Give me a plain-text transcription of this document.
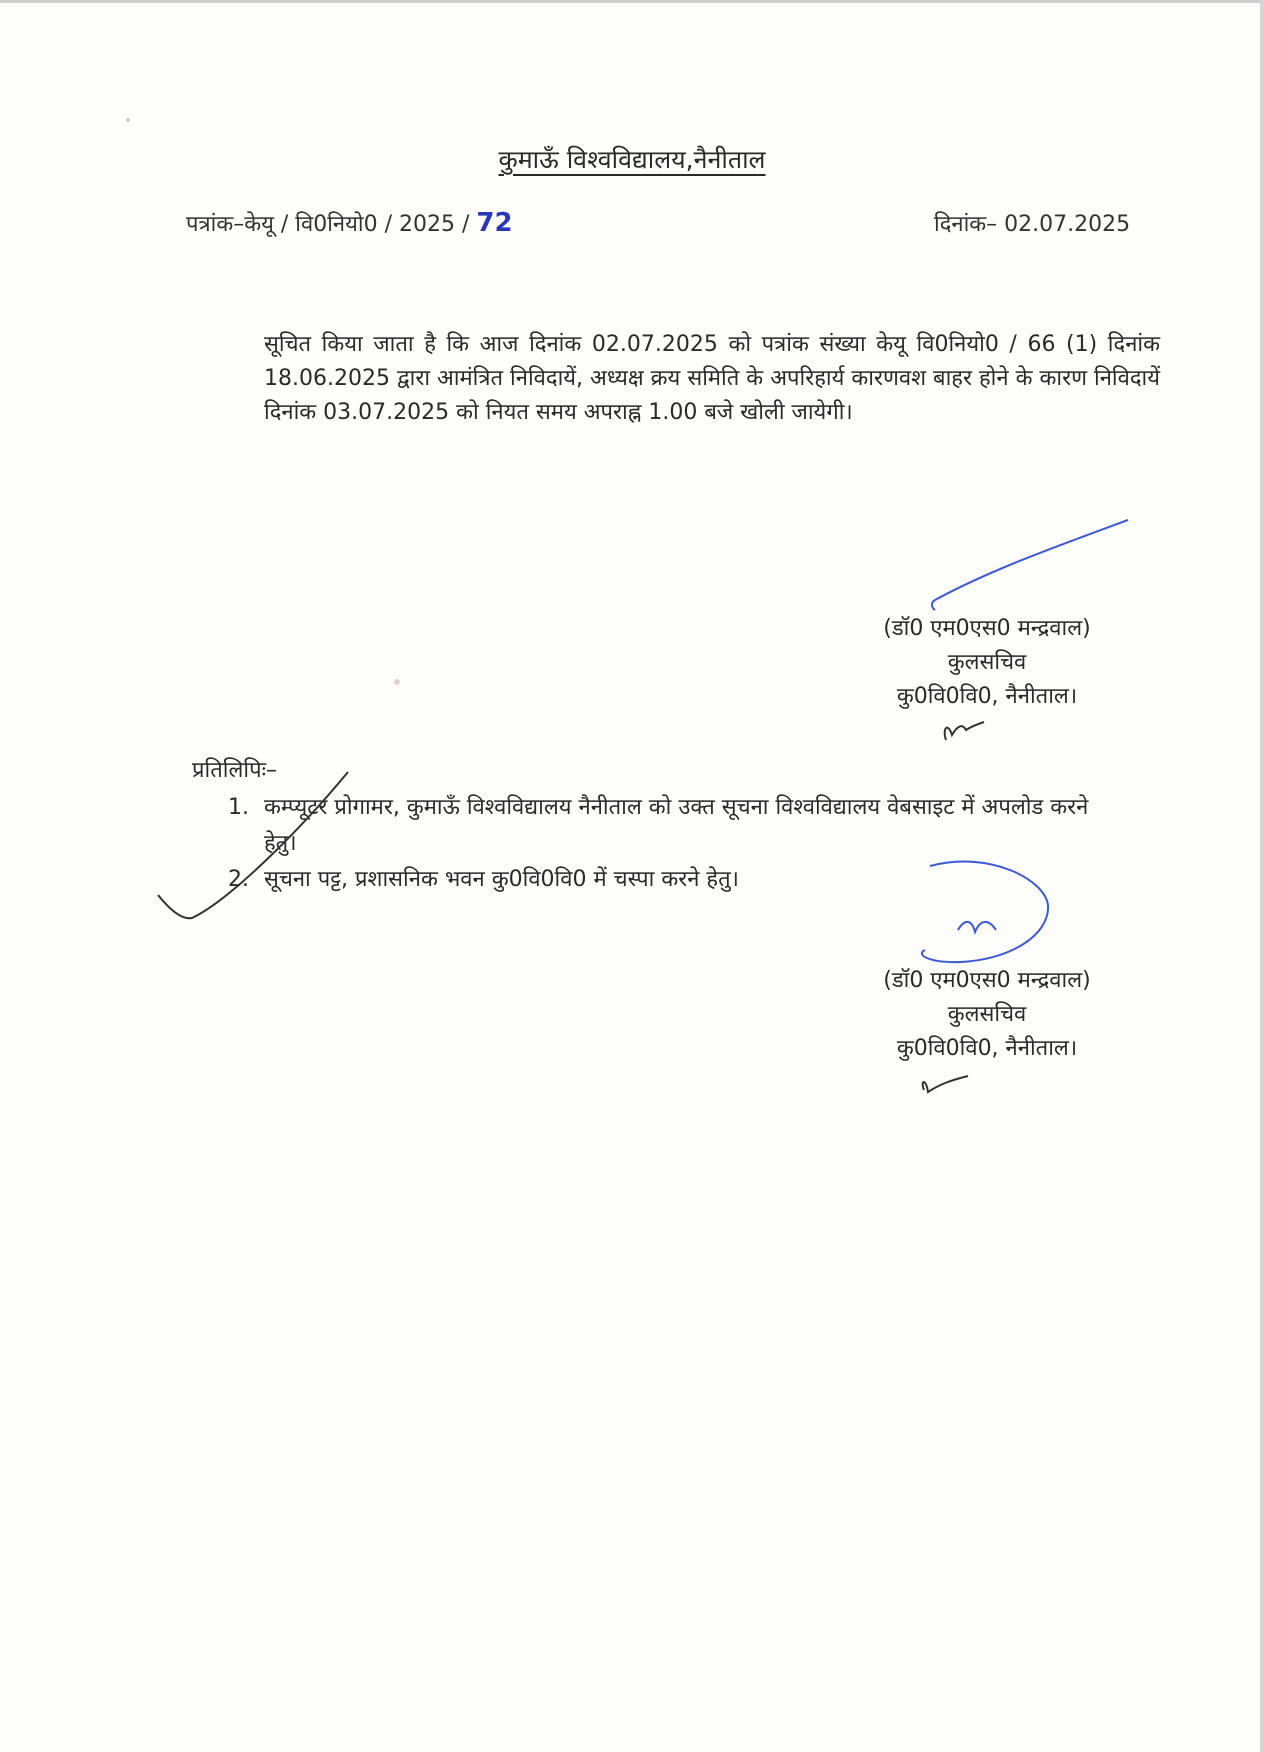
कुमाऊँ विश्वविद्यालय,नैनीताल
पत्रांक–केयू / वि0नियो0 / 2025 / 72	दिनांक– 02.07.2025
सूचित किया जाता है कि आज दिनांक 02.07.2025 को पत्रांक संख्या केयू वि0नियो0 / 66 (1) दिनांक 18.06.2025 द्वारा आमंत्रित निविदायें, अध्यक्ष क्रय समिति के अपरिहार्य कारणवश बाहर होने के कारण निविदायें दिनांक 03.07.2025 को नियत समय अपराह्न 1.00 बजे खोली जायेगी।
(डॉ0 एम0एस0 मन्द्रवाल)
कुलसचिव
कु0वि0वि0, नैनीताल।
प्रतिलिपिः–
1. कम्प्यूटर प्रोगामर, कुमाऊँ विश्वविद्यालय नैनीताल को उक्त सूचना विश्वविद्यालय वेबसाइट में अपलोड करने हेतु।
2. सूचना पट्ट, प्रशासनिक भवन कु0वि0वि0 में चस्पा करने हेतु।
(डॉ0 एम0एस0 मन्द्रवाल)
कुलसचिव
कु0वि0वि0, नैनीताल।
